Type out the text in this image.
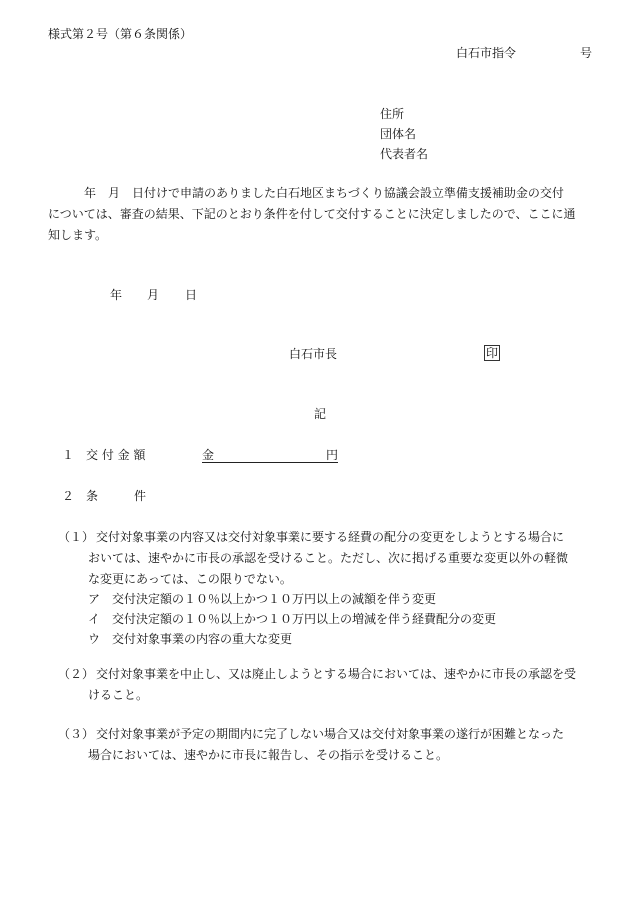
様式第２号（第６条関係）
白石市指令	号
住所
団体名
代表者名
　　年　月　日付けで申請のありました白石地区まちづくり協議会設立準備支援補助金の交付
については、審査の結果、下記のとおり条件を付して交付することに決定しましたので、ここに通
知します。
年 月 日
白石市長	印
記
１ 交 付 金 額	金	円
２ 条	件
（１） 交付対象事業の内容又は交付対象事業に要する経費の配分の変更をしようとする場合に
おいては、速やかに市長の承認を受けること。ただし、次に掲げる重要な変更以外の軽微
な変更にあっては、この限りでない。
ア　交付決定額の１０％以上かつ１０万円以上の減額を伴う変更
イ　交付決定額の１０％以上かつ１０万円以上の増減を伴う経費配分の変更
ウ　交付対象事業の内容の重大な変更
（２） 交付対象事業を中止し、又は廃止しようとする場合においては、速やかに市長の承認を受
けること。
（３） 交付対象事業が予定の期間内に完了しない場合又は交付対象事業の遂行が困難となった
場合においては、速やかに市長に報告し、その指示を受けること。
